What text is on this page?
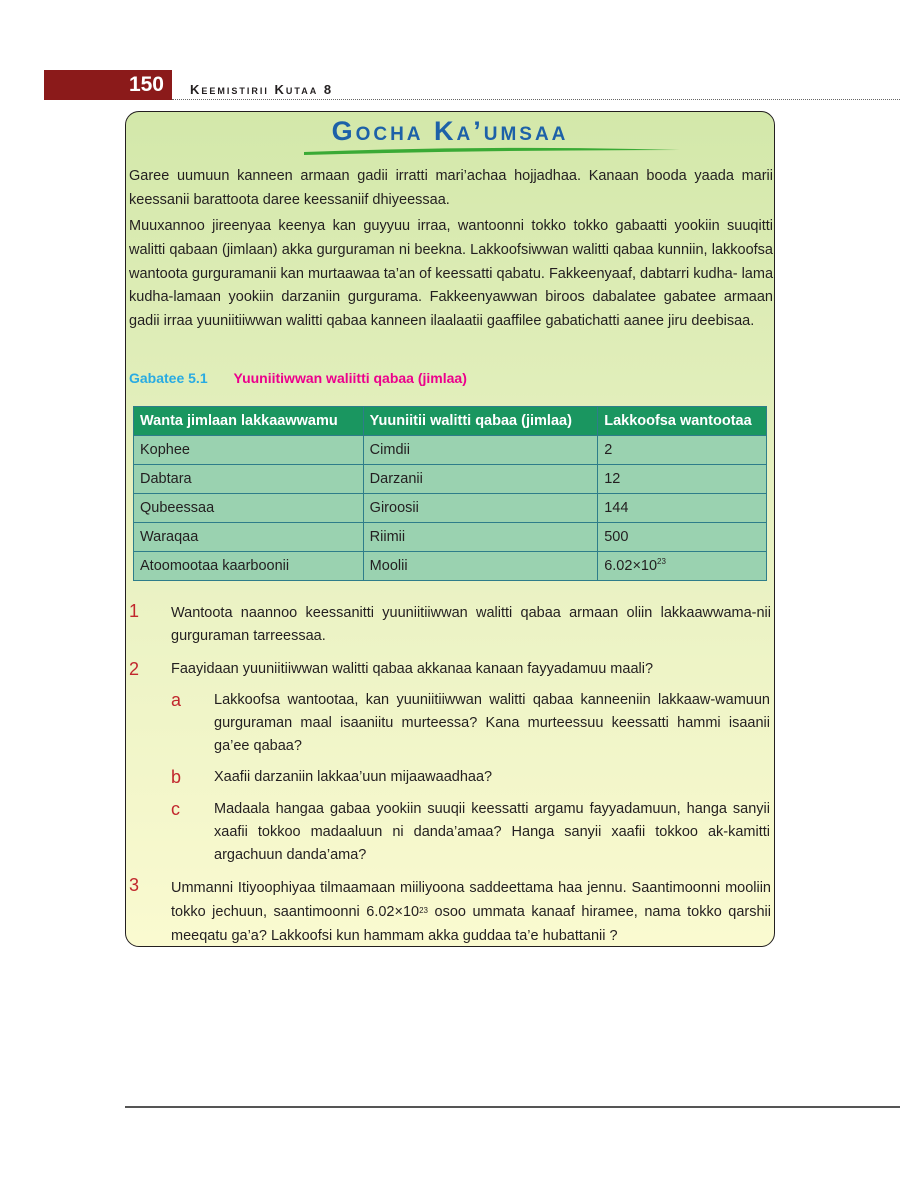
150	Keemistirii Kutaa 8
Gocha Ka’umsaa
Garee uumuun kanneen armaan gadii irratti mari’achaa hojjadhaa. Kanaan booda yaada marii keessanii barattoota daree keessaniif dhiyeessaa.
Muuxannoo jireenyaa keenya kan guyyuu irraa, wantoonni tokko tokko gabaatti yookiin suuqitti walitti qabaan (jimlaan) akka gurguraman ni beekna. Lakkoofsiwwan walitti qabaa kunniin, lakkoofsa wantoota gurguramanii kan murtaawaa ta’an of keessatti qabatu. Fakkeenyaaf, dabtarri kudha- lama kudha-lamaan yookiin darzaniin gurgurama. Fakkeenyawwan biroos dabalatee gabatee armaan gadii irraa yuuniitiiwwan walitti qabaa kanneen ilaalaatii gaaffilee gabatichatti aanee jiru deebisaa.
Gabatee 5.1 Yuuniitiwwan waliitti qabaa (jimlaa)
Wanta jimlaan lakkaawwamu	Yuuniitii walitti qabaa (jimlaa)	Lakkoofsa wantootaa
Kophee	Cimdii	2
Dabtara	Darzanii	12
Qubeessaa	Giroosii	144
Waraqaa	Riimii	500
Atoomootaa kaarboonii	Moolii	$6.02\times 10^{23}$
1 Wantoota naannoo keessanitti yuuniitiiwwan walitti qabaa armaan oliin lakkaawwama-nii gurguraman tarreessaa.
2 Faayidaan yuuniitiiwwan walitti qabaa akkanaa kanaan fayyadamuu maali?
a Lakkoofsa wantootaa, kan yuuniitiiwwan walitti qabaa kanneeniin lakkaaw-wamuun gurguraman maal isaaniitu murteessa? Kana murteessuu keessatti hammi isaanii ga’ee qabaa?
b Xaafii darzaniin lakkaa’uun mijaawaadhaa?
c Madaala hangaa gabaa yookiin suuqii keessatti argamu fayyadamuun, hanga sanyii xaafii tokkoo madaaluun ni danda’amaa? Hanga sanyii xaafii tokkoo ak-kamitti argachuun danda’ama?
3 Ummanni Itiyoophiyaa tilmaamaan miiliyoona saddeettama haa jennu. Saantimoonni mooliin tokko jechuun, saantimoonni $6.02\times 10^{23}$ osoo ummata kanaaf hiramee, nama tokko qarshii meeqatu ga’a? Lakkoofsi kun hammam akka guddaa ta’e hubattanii ?
